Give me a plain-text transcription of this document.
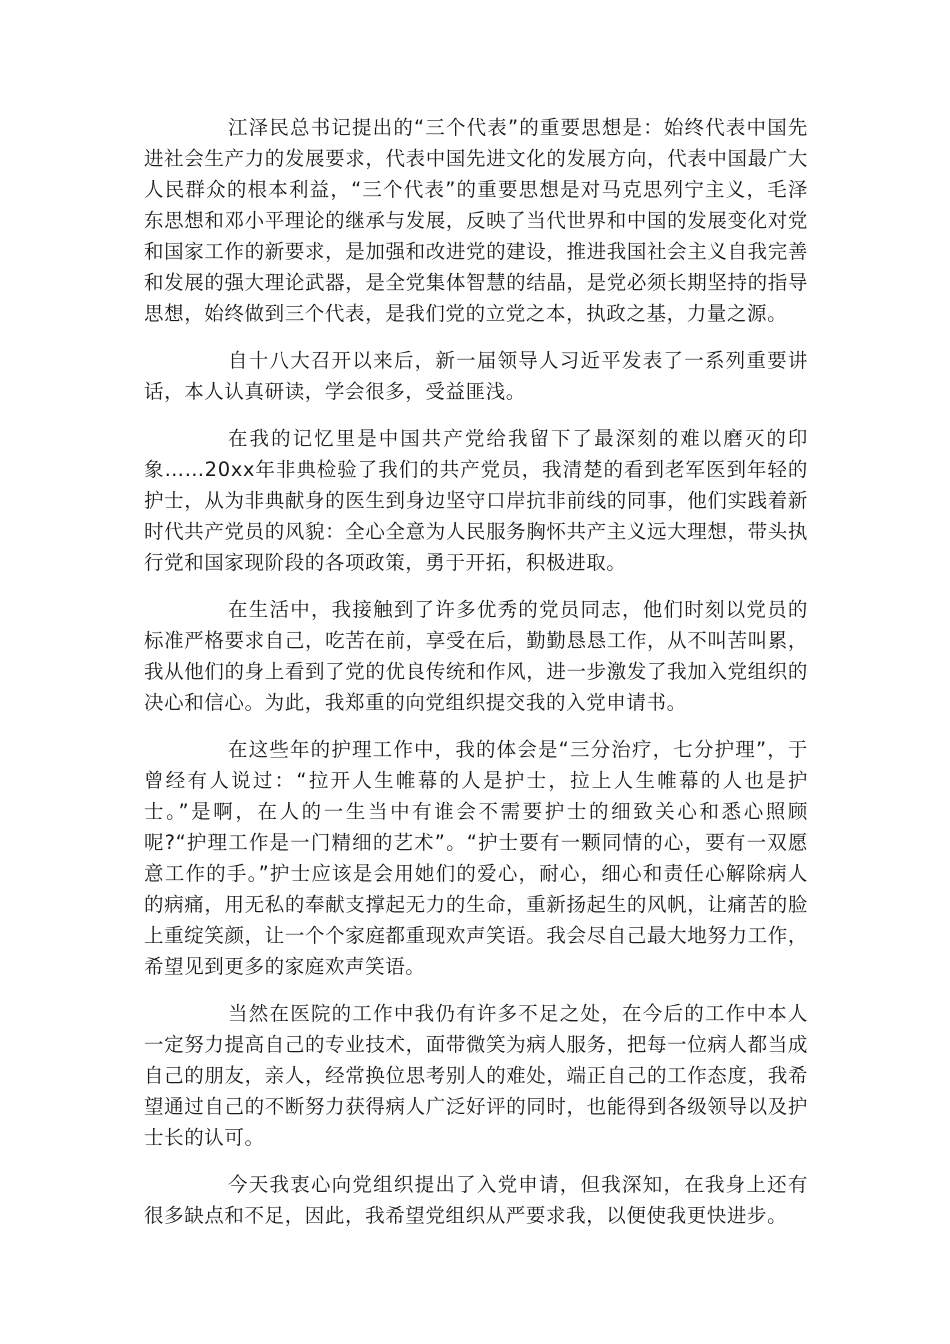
江泽民总书记提出的“三个代表”的重要思想是：始终代表中国先进社会生产力的发展要求，代表中国先进文化的发展方向，代表中国最广大人民群众的根本利益，“三个代表”的重要思想是对马克思列宁主义，毛泽东思想和邓小平理论的继承与发展，反映了当代世界和中国的发展变化对党和国家工作的新要求，是加强和改进党的建设，推进我国社会主义自我完善和发展的强大理论武器，是全党集体智慧的结晶，是党必须长期坚持的指导思想，始终做到三个代表，是我们党的立党之本，执政之基，力量之源。

自十八大召开以来后，新一届领导人习近平发表了一系列重要讲话，本人认真研读，学会很多，受益匪浅。

在我的记忆里是中国共产党给我留下了最深刻的难以磨灭的印象……20xx年非典检验了我们的共产党员，我清楚的看到老军医到年轻的护士，从为非典献身的医生到身边坚守口岸抗非前线的同事，他们实践着新时代共产党员的风貌：全心全意为人民服务胸怀共产主义远大理想，带头执行党和国家现阶段的各项政策，勇于开拓，积极进取。

在生活中，我接触到了许多优秀的党员同志，他们时刻以党员的标准严格要求自己，吃苦在前，享受在后，勤勤恳恳工作，从不叫苦叫累，我从他们的身上看到了党的优良传统和作风，进一步激发了我加入党组织的决心和信心。为此，我郑重的向党组织提交我的入党申请书。

在这些年的护理工作中，我的体会是“三分治疗，七分护理”，于曾经有人说过：“拉开人生帷幕的人是护士，拉上人生帷幕的人也是护士。”是啊，在人的一生当中有谁会不需要护士的细致关心和悉心照顾呢?“护理工作是一门精细的艺术”。“护士要有一颗同情的心，要有一双愿意工作的手。”护士应该是会用她们的爱心，耐心，细心和责任心解除病人的病痛，用无私的奉献支撑起无力的生命，重新扬起生的风帆，让痛苦的脸上重绽笑颜，让一个个家庭都重现欢声笑语。我会尽自己最大地努力工作，希望见到更多的家庭欢声笑语。

当然在医院的工作中我仍有许多不足之处，在今后的工作中本人一定努力提高自己的专业技术，面带微笑为病人服务，把每一位病人都当成自己的朋友，亲人，经常换位思考别人的难处，端正自己的工作态度，我希望通过自己的不断努力获得病人广泛好评的同时，也能得到各级领导以及护士长的认可。

今天我衷心向党组织提出了入党申请，但我深知，在我身上还有很多缺点和不足，因此，我希望党组织从严要求我，以便使我更快进步。
